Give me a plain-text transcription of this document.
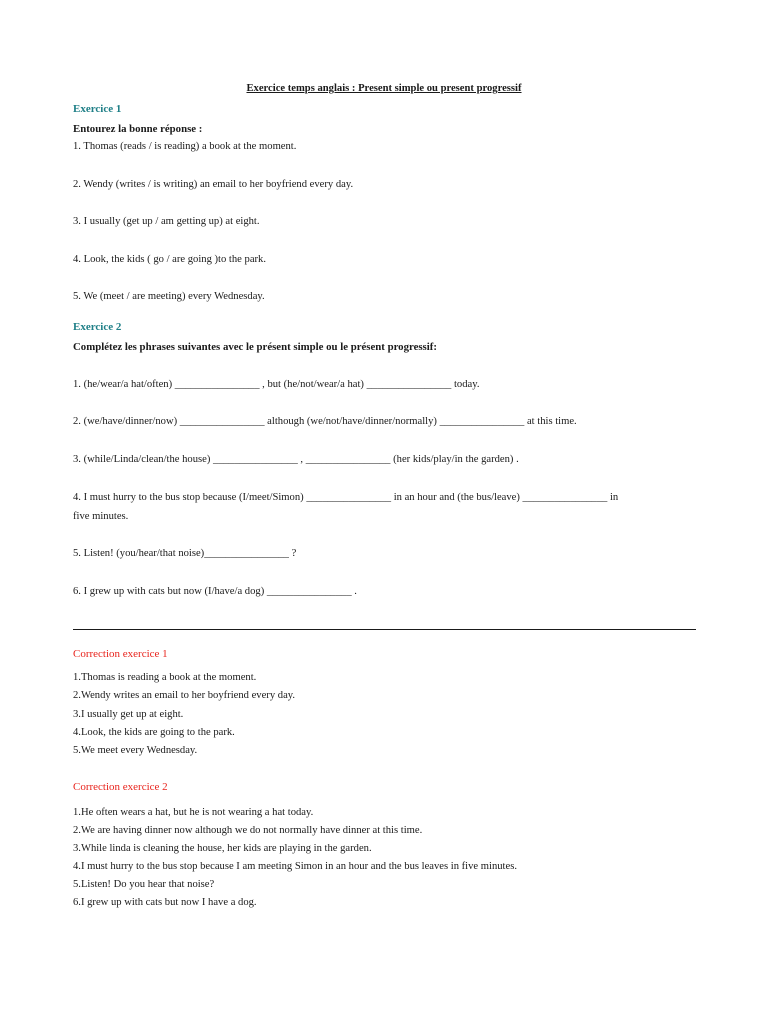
Exercice temps anglais : Present simple ou present progressif
Exercice 1
Entourez la bonne réponse :
1. Thomas (reads / is reading) a book at the moment.
2. Wendy (writes / is writing) an email to her boyfriend every day.
3. I usually (get up / am getting up) at eight.
4. Look, the kids ( go / are going )to the park.
5. We (meet / are meeting) every Wednesday.
Exercice 2
Complétez les phrases suivantes avec le présent simple ou le présent progressif:
1. (he/wear/a hat/often) ________________ , but (he/not/wear/a hat) ________________ today.
2. (we/have/dinner/now) ________________ although (we/not/have/dinner/normally) ________________ at this time.
3. (while/Linda/clean/the house) ________________ , ________________ (her kids/play/in the garden) .
4. I must hurry to the bus stop because (I/meet/Simon) ________________ in an hour and (the bus/leave) ________________ in
five minutes.
5. Listen! (you/hear/that noise)________________ ?
6. I grew up with cats but now (I/have/a dog) ________________ .
Correction exercice 1
1.Thomas is reading a book at the moment.
2.Wendy writes an email to her boyfriend every day.
3.I usually get up at eight.
4.Look, the kids are going to the park.
5.We meet every Wednesday.
Correction exercice 2
1.He often wears a hat, but he is not wearing a hat today.
2.We are having dinner now although we do not normally have dinner at this time.
3.While linda is cleaning the house, her kids are playing in the garden.
4.I must hurry to the bus stop because I am meeting Simon in an hour and the bus leaves in five minutes.
5.Listen! Do you hear that noise?
6.I grew up with cats but now I have a dog.
